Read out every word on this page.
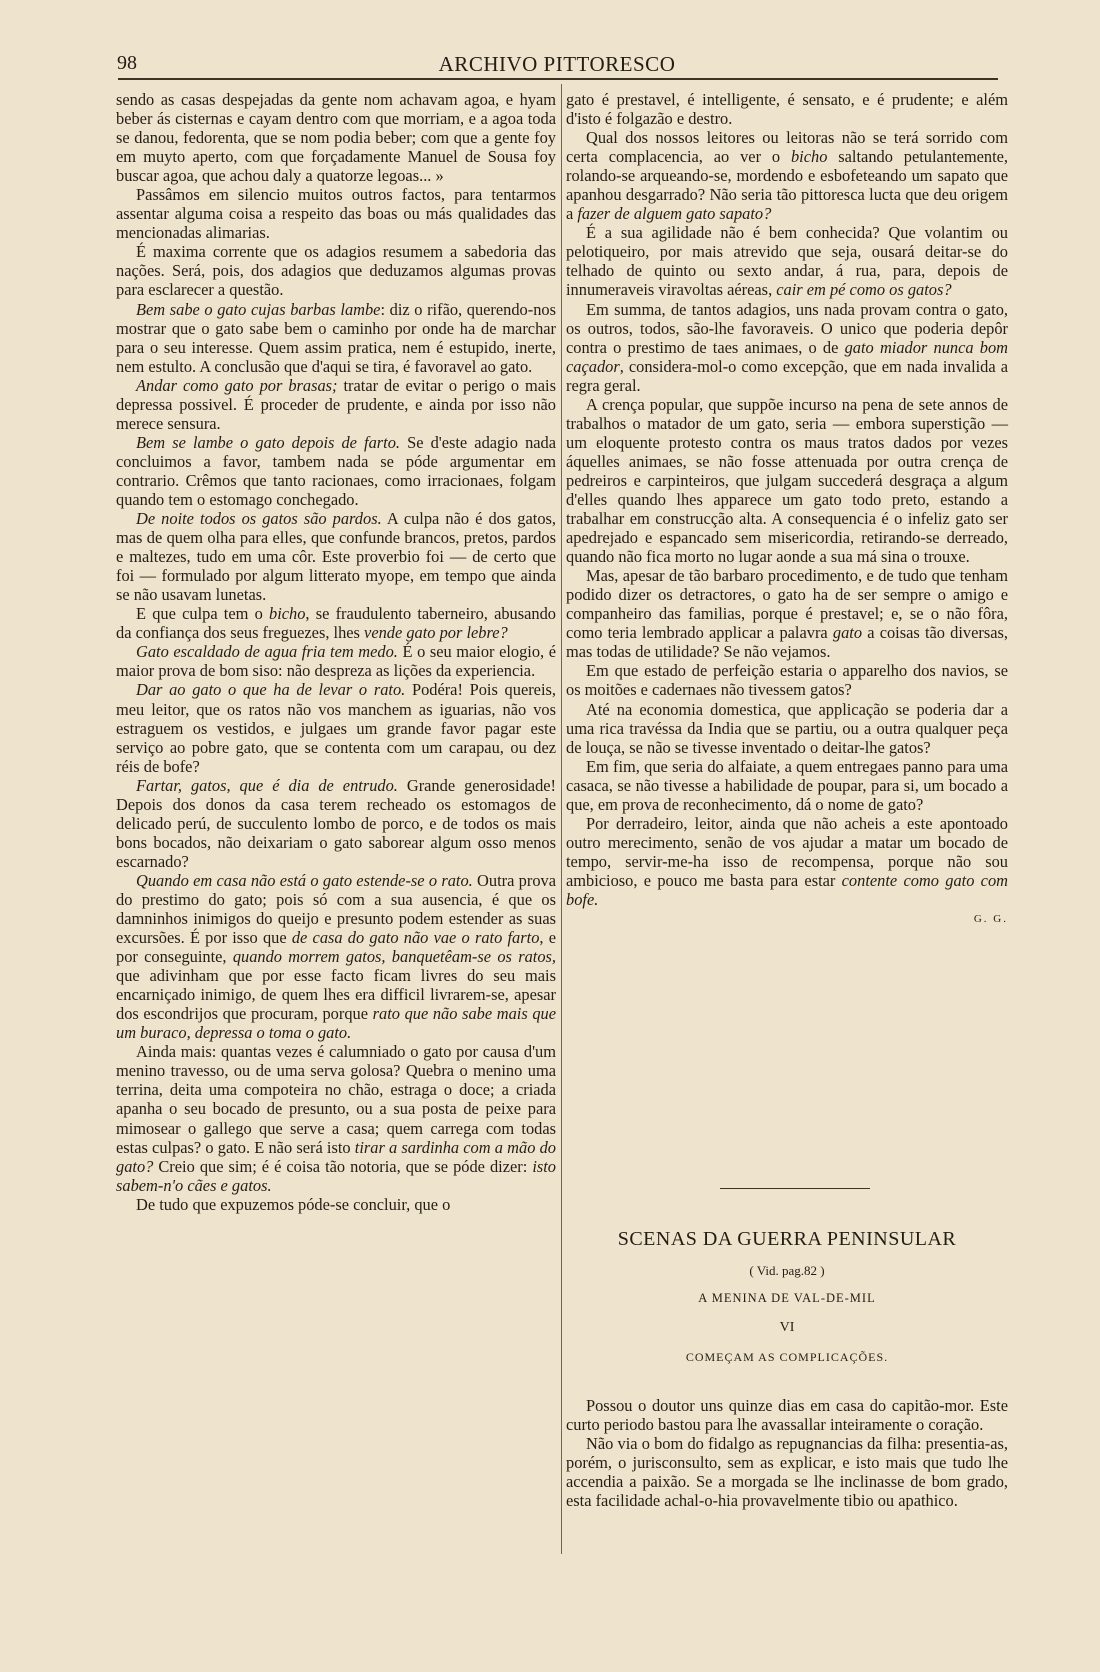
98	ARCHIVO PITTORESCO

sendo as casas despejadas da gente nom achavam agoa, e hyam beber ás cisternas e cayam dentro com que morriam, e a agoa toda se danou, fedorenta, que se nom podia beber; com que a gente foy em muyto aperto, com que forçadamente Manuel de Sousa foy buscar agoa, que achou daly a quatorze legoas... »

Passâmos em silencio muitos outros factos, para tentarmos assentar alguma coisa a respeito das boas ou más qualidades das mencionadas alimarias.

É maxima corrente que os adagios resumem a sabedoria das nações. Será, pois, dos adagios que deduzamos algumas provas para esclarecer a questão.

Bem sabe o gato cujas barbas lambe: diz o rifão, querendo-nos mostrar que o gato sabe bem o caminho por onde ha de marchar para o seu interesse. Quem assim pratica, nem é estupido, inerte, nem estulto. A conclusão que d'aqui se tira, é favoravel ao gato.

Andar como gato por brasas; tratar de evitar o perigo o mais depressa possivel. É proceder de prudente, e ainda por isso não merece sensura.

Bem se lambe o gato depois de farto. Se d'este adagio nada concluimos a favor, tambem nada se póde argumentar em contrario. Crêmos que tanto racionaes, como irracionaes, folgam quando tem o estomago conchegado.

De noite todos os gatos são pardos. A culpa não é dos gatos, mas de quem olha para elles, que confunde brancos, pretos, pardos e maltezes, tudo em uma côr. Este proverbio foi — de certo que foi — formulado por algum litterato myope, em tempo que ainda se não usavam lunetas.

E que culpa tem o bicho, se fraudulento taberneiro, abusando da confiança dos seus freguezes, lhes vende gato por lebre?

Gato escaldado de agua fria tem medo. É o seu maior elogio, é maior prova de bom siso: não despreza as lições da experiencia.

Dar ao gato o que ha de levar o rato. Podéra! Pois quereis, meu leitor, que os ratos não vos manchem as iguarias, não vos estraguem os vestidos, e julgaes um grande favor pagar este serviço ao pobre gato, que se contenta com um carapau, ou dez réis de bofe?

Fartar, gatos, que é dia de entrudo. Grande generosidade! Depois dos donos da casa terem recheado os estomagos de delicado perú, de succulento lombo de porco, e de todos os mais bons bocados, não deixariam o gato saborear algum osso menos escarnado?

Quando em casa não está o gato estende-se o rato. Outra prova do prestimo do gato; pois só com a sua ausencia, é que os damninhos inimigos do queijo e presunto podem estender as suas excursões. É por isso que de casa do gato não vae o rato farto, e por conseguinte, quando morrem gatos, banquetêam-se os ratos, que adivinham que por esse facto ficam livres do seu mais encarniçado inimigo, de quem lhes era difficil livrarem-se, apesar dos escondrijos que procuram, porque rato que não sabe mais que um buraco, depressa o toma o gato.

Ainda mais: quantas vezes é calumniado o gato por causa d'um menino travesso, ou de uma serva golosa? Quebra o menino uma terrina, deita uma compoteira no chão, estraga o doce; a criada apanha o seu bocado de presunto, ou a sua posta de peixe para mimosear o gallego que serve a casa; quem carrega com todas estas culpas? o gato. E não será isto tirar a sardinha com a mão do gato? Creio que sim; é é coisa tão notoria, que se póde dizer: isto sabem-n'o cães e gatos.

De tudo que expuzemos póde-se concluir, que o

gato é prestavel, é intelligente, é sensato, e é prudente; e além d'isto é folgazão e destro.

Qual dos nossos leitores ou leitoras não se terá sorrido com certa complacencia, ao ver o bicho saltando petulantemente, rolando-se arqueando-se, mordendo e esbofeteando um sapato que apanhou desgarrado? Não seria tão pittoresca lucta que deu origem a fazer de alguem gato sapato?

É a sua agilidade não é bem conhecida? Que volantim ou pelotiqueiro, por mais atrevido que seja, ousará deitar-se do telhado de quinto ou sexto andar, á rua, para, depois de innumeraveis viravoltas aéreas, cair em pé como os gatos?

Em summa, de tantos adagios, uns nada provam contra o gato, os outros, todos, são-lhe favoraveis. O unico que poderia depôr contra o prestimo de taes animaes, o de gato miador nunca bom caçador, considera-mol-o como excepção, que em nada invalida a regra geral.

A crença popular, que suppõe incurso na pena de sete annos de trabalhos o matador de um gato, seria — embora superstição — um eloquente protesto contra os maus tratos dados por vezes áquelles animaes, se não fosse attenuada por outra crença de pedreiros e carpinteiros, que julgam succederá desgraça a algum d'elles quando lhes apparece um gato todo preto, estando a trabalhar em construcção alta. A consequencia é o infeliz gato ser apedrejado e espancado sem misericordia, retirando-se derreado, quando não fica morto no lugar aonde a sua má sina o trouxe.

Mas, apesar de tão barbaro procedimento, e de tudo que tenham podido dizer os detractores, o gato ha de ser sempre o amigo e companheiro das familias, porque é prestavel; e, se o não fôra, como teria lembrado applicar a palavra gato a coisas tão diversas, mas todas de utilidade? Se não vejamos.

Em que estado de perfeição estaria o apparelho dos navios, se os moitões e cadernaes não tivessem gatos?

Até na economia domestica, que applicação se poderia dar a uma rica travéssa da India que se partiu, ou a outra qualquer peça de louça, se não se tivesse inventado o deitar-lhe gatos?

Em fim, que seria do alfaiate, a quem entregaes panno para uma casaca, se não tivesse a habilidade de poupar, para si, um bocado a que, em prova de reconhecimento, dá o nome de gato?

Por derradeiro, leitor, ainda que não acheis a este apontoado outro merecimento, senão de vos ajudar a matar um bocado de tempo, servir-me-ha isso de recompensa, porque não sou ambicioso, e pouco me basta para estar contente como gato com bofe.

G. G.
SCENAS DA GUERRA PENINSULAR
( Vid. pag.82 )
A MENINA DE VAL-DE-MIL
VI
COMEÇAM AS COMPLICAÇÕES.

Possou o doutor uns quinze dias em casa do capitão-mor. Este curto periodo bastou para lhe avassallar inteiramente o coração.

Não via o bom do fidalgo as repugnancias da filha: presentia-as, porém, o jurisconsulto, sem as explicar, e isto mais que tudo lhe accendia a paixão. Se a morgada se lhe inclinasse de bom grado, esta facilidade achal-o-hia provavelmente tibio ou apathico.
